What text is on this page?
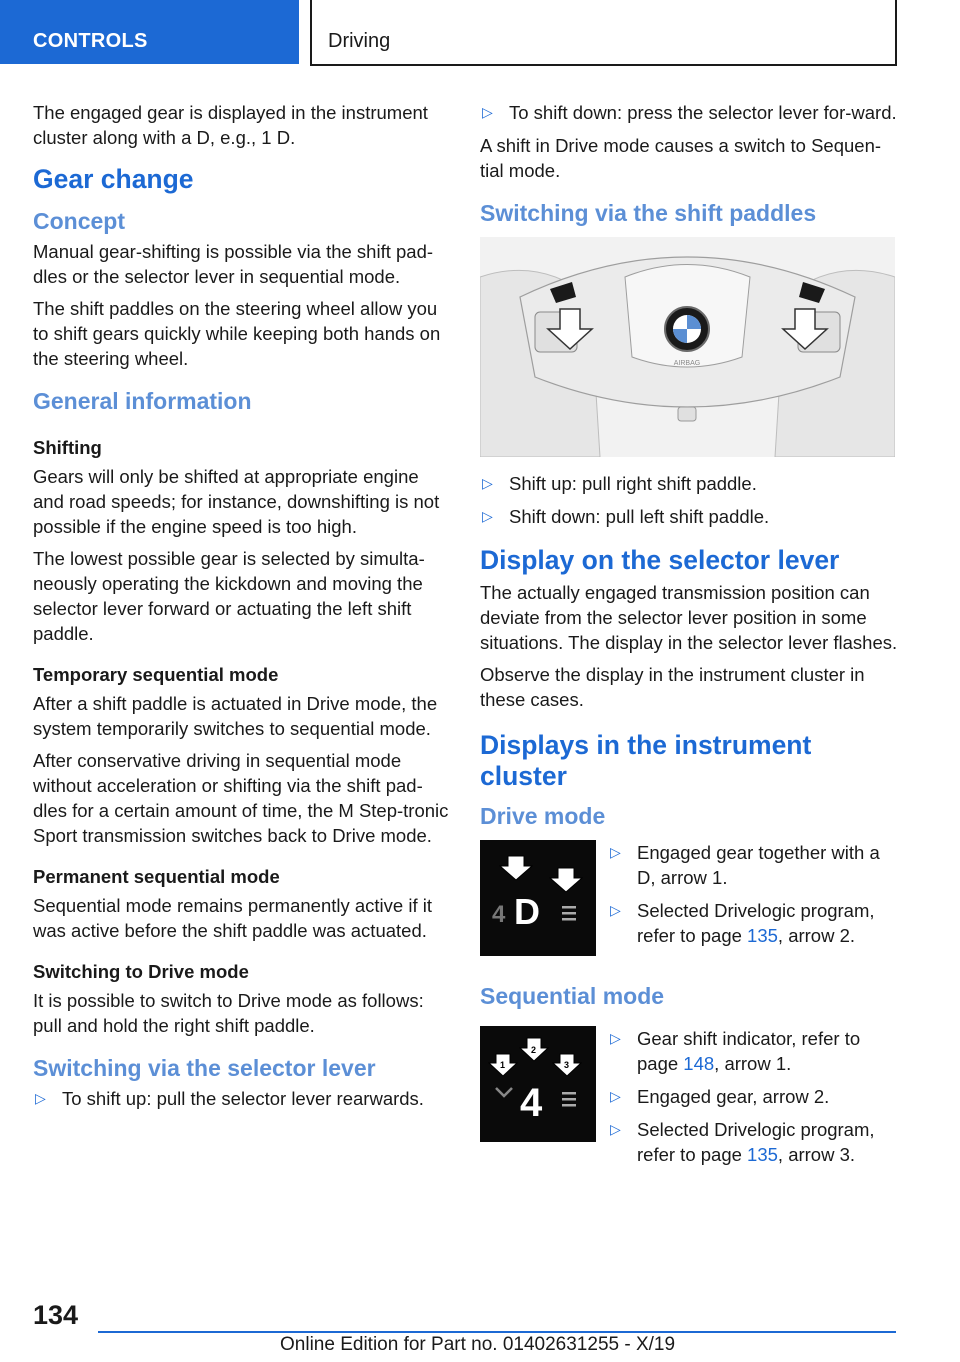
CONTROLS	Driving

The engaged gear is displayed in the instrument cluster along with a D, e.g., 1 D.

Gear change
Concept

Manual gear-shifting is possible via the shift pad-dles or the selector lever in sequential mode.

The shift paddles on the steering wheel allow you to shift gears quickly while keeping both hands on the steering wheel.

General information
Shifting

Gears will only be shifted at appropriate engine and road speeds; for instance, downshifting is not possible if the engine speed is too high.

The lowest possible gear is selected by simulta-neously operating the kickdown and moving the selector lever forward or actuating the left shift paddle.

Temporary sequential mode

After a shift paddle is actuated in Drive mode, the system temporarily switches to sequential mode.

After conservative driving in sequential mode without acceleration or shifting via the shift pad-dles for a certain amount of time, the M Step-tronic Sport transmission switches back to Drive mode.

Permanent sequential mode

Sequential mode remains permanently active if it was active before the shift paddle was actuated.

Switching to Drive mode

It is possible to switch to Drive mode as follows: pull and hold the right shift paddle.

Switching via the selector lever
▷ To shift up: pull the selector lever rearwards.
▷ To shift down: press the selector lever for-ward.

A shift in Drive mode causes a switch to Sequen-tial mode.

Switching via the shift paddles
AIRBAG
▷ Shift up: pull right shift paddle.
▷ Shift down: pull left shift paddle.
Display on the selector lever

The actually engaged transmission position can deviate from the selector lever position in some situations. The display in the selector lever flashes.

Observe the display in the instrument cluster in these cases.

Displays in the instrument cluster
Drive mode
4 D
▷ Engaged gear together with a D, arrow 1.
▷ Selected Drivelogic program, refer to page 135, arrow 2.
Sequential mode
1
2
3
4
▷ Gear shift indicator, refer to page 148, arrow 1.
▷ Engaged gear, arrow 2.
▷ Selected Drivelogic program, refer to page 135, arrow 3.
134
Online Edition for Part no. 01402631255 - X/19
